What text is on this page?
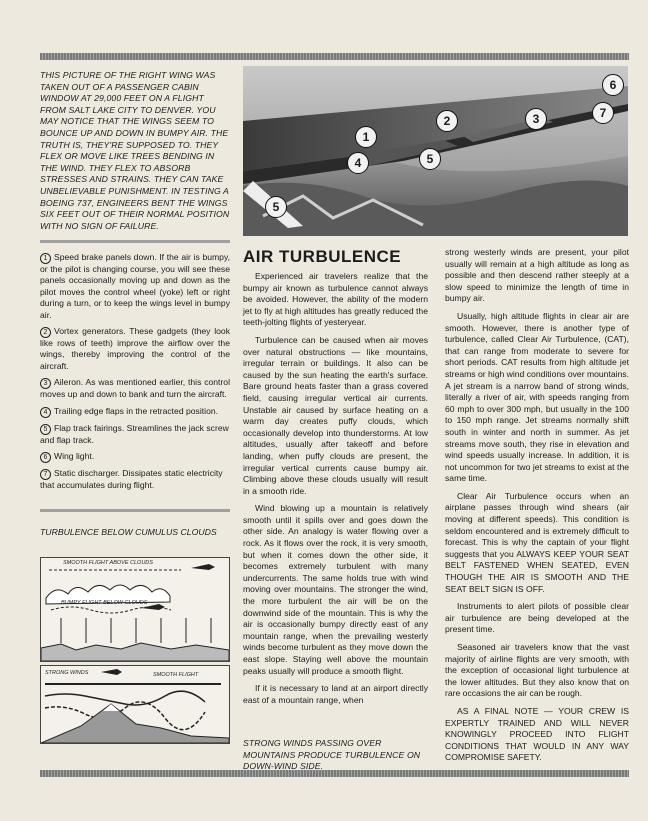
THIS PICTURE OF THE RIGHT WING WAS TAKEN OUT OF A PASSENGER CABIN WINDOW AT 29,000 FEET ON A FLIGHT FROM SALT LAKE CITY TO DENVER. YOU MAY NOTICE THAT THE WINGS SEEM TO BOUNCE UP AND DOWN IN BUMPY AIR. THE TRUTH IS, THEY'RE SUPPOSED TO. THEY FLEX OR MOVE LIKE TREES BENDING IN THE WIND. THEY FLEX TO ABSORB STRESSES AND STRAINS. THEY CAN TAKE UNBELIEVABLE PUNISHMENT. IN TESTING A BOEING 737, ENGINEERS BENT THE WINGS SIX FEET OUT OF THEIR NORMAL POSITION WITH NO SIGN OF FAILURE.
1
2	3
4	5
5
6
7
1 Speed brake panels down. If the air is bumpy, or the pilot is changing course, you will see these panels occasionally moving up and down as the pilot moves the control wheel (yoke) left or right during a turn, or to keep the wings level in bumpy air.
2 Vortex generators. These gadgets (they look like rows of teeth) improve the airflow over the wings, thereby improving the control of the aircraft.
3 Aileron. As was mentioned earlier, this control moves up and down to bank and turn the aircraft.
4 Trailing edge flaps in the retracted position.
5 Flap track fairings. Streamlines the jack screw and flap track.
6 Wing light.
7 Static discharger. Dissipates static electricity that accumulates during flight.
AIR TURBULENCE

Experienced air travelers realize that the bumpy air known as turbulence cannot always be avoided. However, the ability of the modern jet to fly at high altitudes has greatly reduced the teeth-jolting flights of yesteryear.

Turbulence can be caused when air moves over natural obstructions — like mountains, irregular terrain or buildings. It also can be caused by the sun heating the earth's surface. Bare ground heats faster than a grass covered field, causing irregular vertical air currents. Unstable air caused by surface heating on a warm day creates puffy clouds, which occasionally develop into thunderstorms. At low altitudes, usually after takeoff and before landing, when puffy clouds are present, the irregular vertical currents cause bumpy air. Climbing above these clouds usually will result in a smooth ride.

Wind blowing up a mountain is relatively smooth until it spills over and goes down the other side. An analogy is water flowing over a rock. As it flows over the rock, it is very smooth, but when it comes down the other side, it becomes extremely turbulent with many undercurrents. The same holds true with wind moving over mountains. The stronger the wind, the more turbulent the air will be on the downwind side of the mountain. This is why the air is occasionally bumpy directly east of any mountain range, when the prevailing westerly winds become turbulent as they move down the east slope. Staying well above the mountain peaks usually will produce a smooth flight.

If it is necessary to land at an airport directly east of a mountain range, when

strong westerly winds are present, your pilot usually will remain at a high altitude as long as possible and then descend rather steeply at a slow speed to minimize the length of time in bumpy air.

Usually, high altitude flights in clear air are smooth. However, there is another type of turbulence, called Clear Air Turbulence, (CAT), that can range from moderate to severe for short periods. CAT results from high altitude jet streams or high wind conditions over mountains. A jet stream is a narrow band of strong winds, literally a river of air, with speeds ranging from 60 mph to over 300 mph, but usually in the 100 to 150 mph range. Jet streams normally shift south in winter and north in summer. As jet streams move south, they rise in elevation and wind speeds usually increase. In addition, it is not uncommon for two jet streams to exist at the same time.

Clear Air Turbulence occurs when an airplane passes through wind shears (air moving at different speeds). This condition is seldom encountered and is extremely difficult to forecast. This is why the captain of your flight suggests that you ALWAYS KEEP YOUR SEAT BELT FASTENED WHEN SEATED, EVEN THOUGH THE AIR IS SMOOTH AND THE SEAT BELT SIGN IS OFF.

Instruments to alert pilots of possible clear air turbulence are being developed at the present time.

Seasoned air travelers know that the vast majority of airline flights are very smooth, with the exception of occasional light turbulence at the lower altitudes. But they also know that on rare occasions the air can be rough.

AS A FINAL NOTE — YOUR CREW IS EXPERTLY TRAINED AND WILL NEVER KNOWINGLY PROCEED INTO FLIGHT CONDITIONS THAT WOULD IN ANY WAY COMPROMISE SAFETY.

TURBULENCE BELOW CUMULUS CLOUDS
SMOOTH FLIGHT ABOVE CLOUDS
BUMPY FLIGHT BELOW CLOUDS
STRONG WINDS	SMOOTH FLIGHT
STRONG WINDS PASSING OVER MOUNTAINS PRODUCE TURBULENCE ON DOWN-WIND SIDE.
